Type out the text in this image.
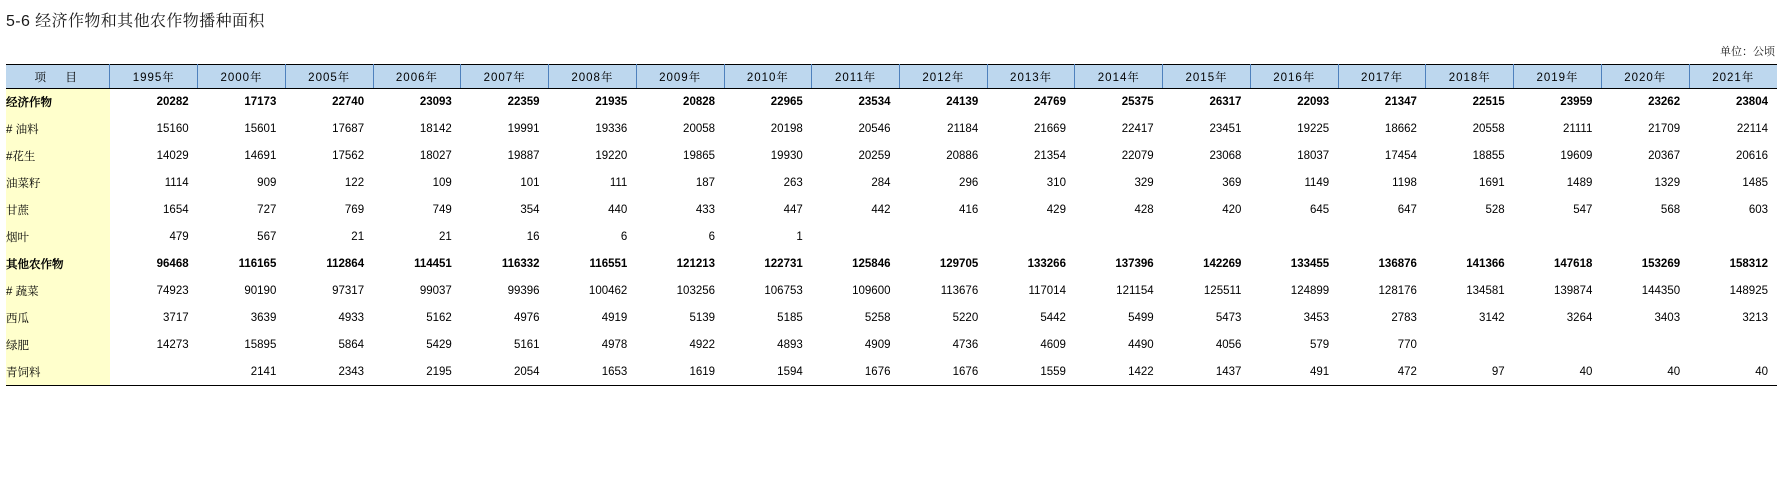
5-6 经济作物和其他农作物播种面积
单位：公顷
项　目	1995年	2000年	2005年	2006年	2007年	2008年	2009年	2010年	2011年	2012年	2013年	2014年	2015年	2016年	2017年	2018年	2019年	2020年	2021年
经济作物	20282	17173	22740	23093	22359	21935	20828	22965	23534	24139	24769	25375	26317	22093	21347	22515	23959	23262	23804
# 油料	15160	15601	17687	18142	19991	19336	20058	20198	20546	21184	21669	22417	23451	19225	18662	20558	21111	21709	22114
#花生	14029	14691	17562	18027	19887	19220	19865	19930	20259	20886	21354	22079	23068	18037	17454	18855	19609	20367	20616
油菜籽	1114	909	122	109	101	111	187	263	284	296	310	329	369	1149	1198	1691	1489	1329	1485
甘蔗	1654	727	769	749	354	440	433	447	442	416	429	428	420	645	647	528	547	568	603
烟叶	479	567	21	21	16	6	6	1											
其他农作物	96468	116165	112864	114451	116332	116551	121213	122731	125846	129705	133266	137396	142269	133455	136876	141366	147618	153269	158312
# 蔬菜	74923	90190	97317	99037	99396	100462	103256	106753	109600	113676	117014	121154	125511	124899	128176	134581	139874	144350	148925
西瓜	3717	3639	4933	5162	4976	4919	5139	5185	5258	5220	5442	5499	5473	3453	2783	3142	3264	3403	3213
绿肥	14273	15895	5864	5429	5161	4978	4922	4893	4909	4736	4609	4490	4056	579	770				
青饲料		2141	2343	2195	2054	1653	1619	1594	1676	1676	1559	1422	1437	491	472	97	40	40	40
